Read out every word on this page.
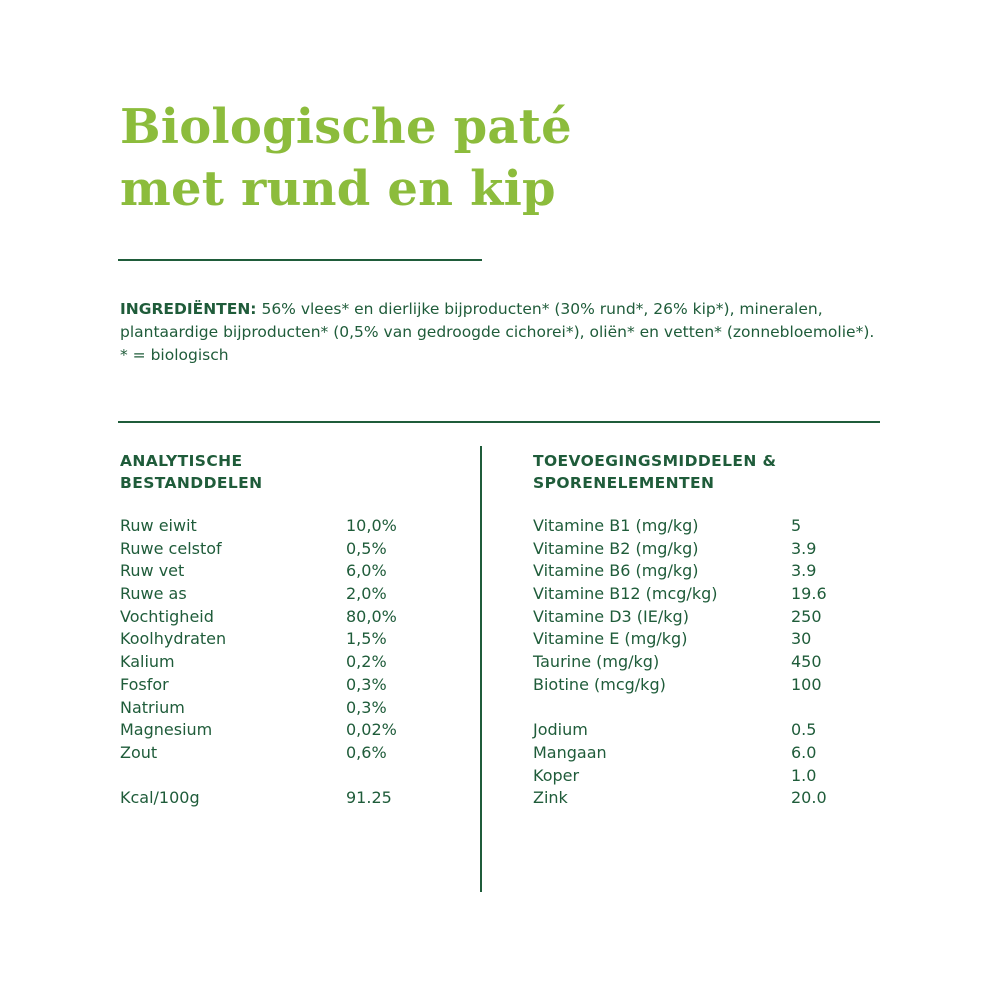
Biologische paté
met rund en kip

INGREDIËNTEN: 56% vlees* en dierlijke bijproducten* (30% rund*, 26% kip*), mineralen, plantaardige bijproducten* (0,5% van gedroogde cichorei*), oliën* en vetten* (zonnebloemolie*).

* = biologisch

ANALYTISCHE
BESTANDDELEN
Ruw eiwit	10,0%
Ruwe celstof	0,5%
Ruw vet	6,0%
Ruwe as	2,0%
Vochtigheid	80,0%
Koolhydraten	1,5%
Kalium	0,2%
Fosfor	0,3%
Natrium	0,3%
Magnesium	0,02%
Zout	0,6%
Kcal/100g	91.25
TOEVOEGINGSMIDDELEN &
SPORENELEMENTEN
Vitamine B1 (mg/kg)	5
Vitamine B2 (mg/kg)	3.9
Vitamine B6 (mg/kg)	3.9
Vitamine B12 (mcg/kg)	19.6
Vitamine D3 (IE/kg)	250
Vitamine E (mg/kg)	30
Taurine (mg/kg)	450
Biotine (mcg/kg)	100
Jodium	0.5
Mangaan	6.0
Koper	1.0
Zink	20.0
